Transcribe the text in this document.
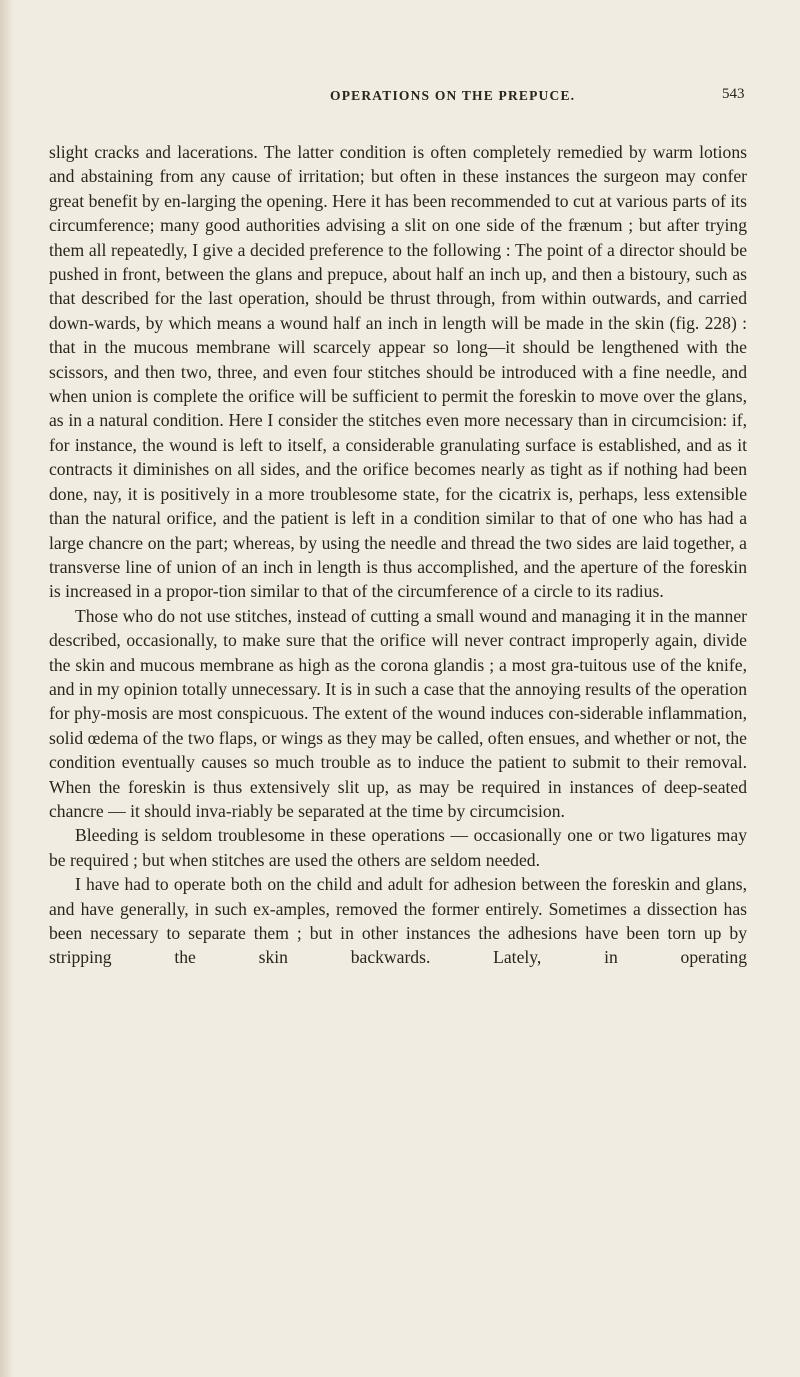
OPERATIONS ON THE PREPUCE.	543

slight cracks and lacerations. The latter condition is often completely remedied by warm lotions and abstaining from any cause of irritation; but often in these instances the surgeon may confer great benefit by en-larging the opening. Here it has been recommended to cut at various parts of its circumference; many good authorities advising a slit on one side of the frænum ; but after trying them all repeatedly, I give a decided preference to the following : The point of a director should be pushed in front, between the glans and prepuce, about half an inch up, and then a bistoury, such as that described for the last operation, should be thrust through, from within outwards, and carried down-wards, by which means a wound half an inch in length will be made in the skin (fig. 228) : that in the mucous membrane will scarcely appear so long—it should be lengthened with the scissors, and then two, three, and even four stitches should be introduced with a fine needle, and when union is complete the orifice will be sufficient to permit the foreskin to move over the glans, as in a natural condition. Here I consider the stitches even more necessary than in circumcision: if, for instance, the wound is left to itself, a considerable granulating surface is established, and as it contracts it diminishes on all sides, and the orifice becomes nearly as tight as if nothing had been done, nay, it is positively in a more troublesome state, for the cicatrix is, perhaps, less extensible than the natural orifice, and the patient is left in a condition similar to that of one who has had a large chancre on the part; whereas, by using the needle and thread the two sides are laid together, a transverse line of union of an inch in length is thus accomplished, and the aperture of the foreskin is increased in a propor-tion similar to that of the circumference of a circle to its radius.

Those who do not use stitches, instead of cutting a small wound and managing it in the manner described, occasionally, to make sure that the orifice will never contract improperly again, divide the skin and mucous membrane as high as the corona glandis ; a most gra-tuitous use of the knife, and in my opinion totally unnecessary. It is in such a case that the annoying results of the operation for phy-mosis are most conspicuous. The extent of the wound induces con-siderable inflammation, solid œdema of the two flaps, or wings as they may be called, often ensues, and whether or not, the condition eventually causes so much trouble as to induce the patient to submit to their removal. When the foreskin is thus extensively slit up, as may be required in instances of deep-seated chancre — it should inva-riably be separated at the time by circumcision.

Bleeding is seldom troublesome in these operations — occasionally one or two ligatures may be required ; but when stitches are used the others are seldom needed.

I have had to operate both on the child and adult for adhesion between the foreskin and glans, and have generally, in such ex-amples, removed the former entirely. Sometimes a dissection has been necessary to separate them ; but in other instances the adhesions have been torn up by stripping the skin backwards. Lately, in operating
